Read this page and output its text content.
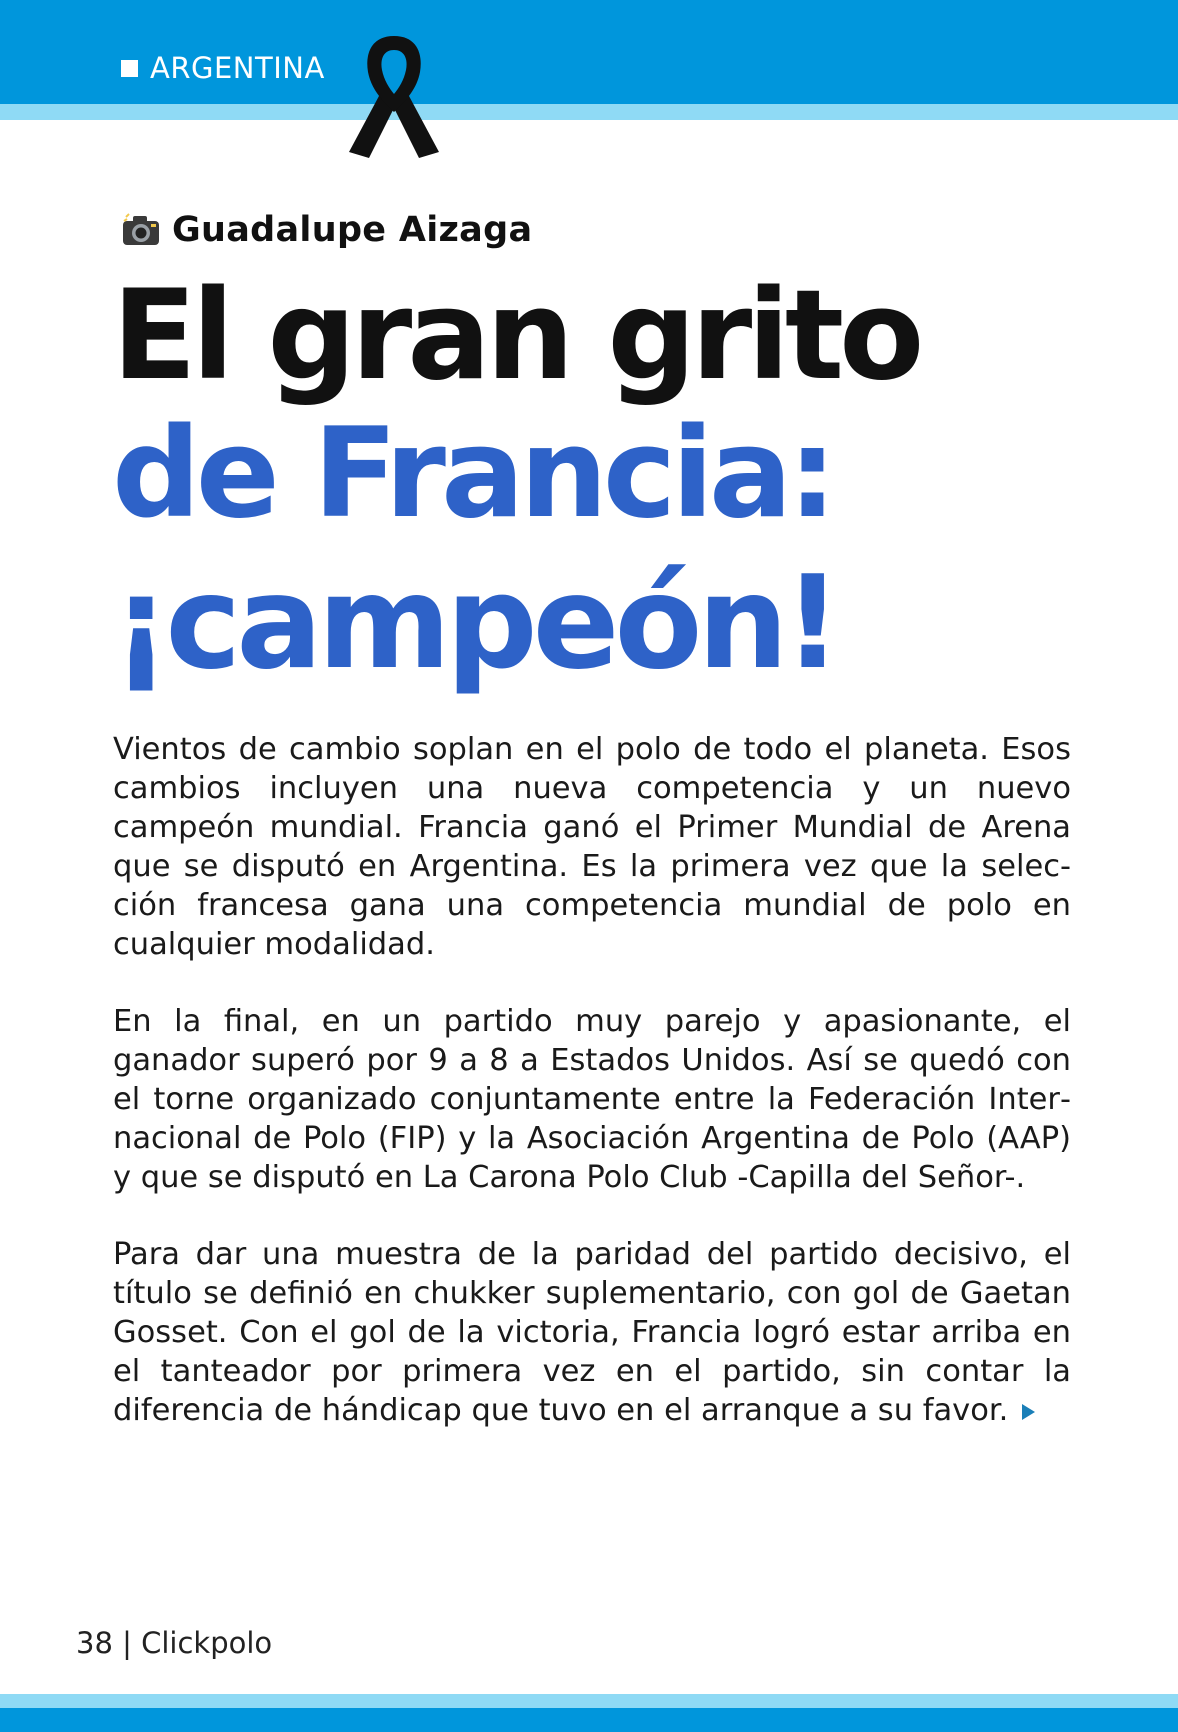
ARGENTINA
Guadalupe Aizaga
El gran grito
de Francia:
¡campeón!

Vientos de cambio soplan en el polo de todo el planeta. Esos cambios incluyen una nueva competencia y un nuevo campeón mundial. Francia ganó el Primer Mundial de Arena que se disputó en Argentina. Es la primera vez que la selección francesa gana una competencia mundial de polo en cualquier modalidad.

En la final, en un partido muy parejo y apasionante, el ganador superó por 9 a 8 a Estados Unidos. Así se quedó con el torne organizado conjuntamente entre la Federación Internacional de Polo (FIP) y la Asociación Argentina de Polo (AAP) y que se disputó en La Carona Polo Club -Capilla del Señor-.

Para dar una muestra de la paridad del partido decisivo, el título se definió en chukker suplementario, con gol de Gaetan Gosset. Con el gol de la victoria, Francia logró estar arriba en el tanteador por primera vez en el partido, sin contar la diferencia de hándicap que tuvo en el arranque a su favor.

38 | Clickpolo
